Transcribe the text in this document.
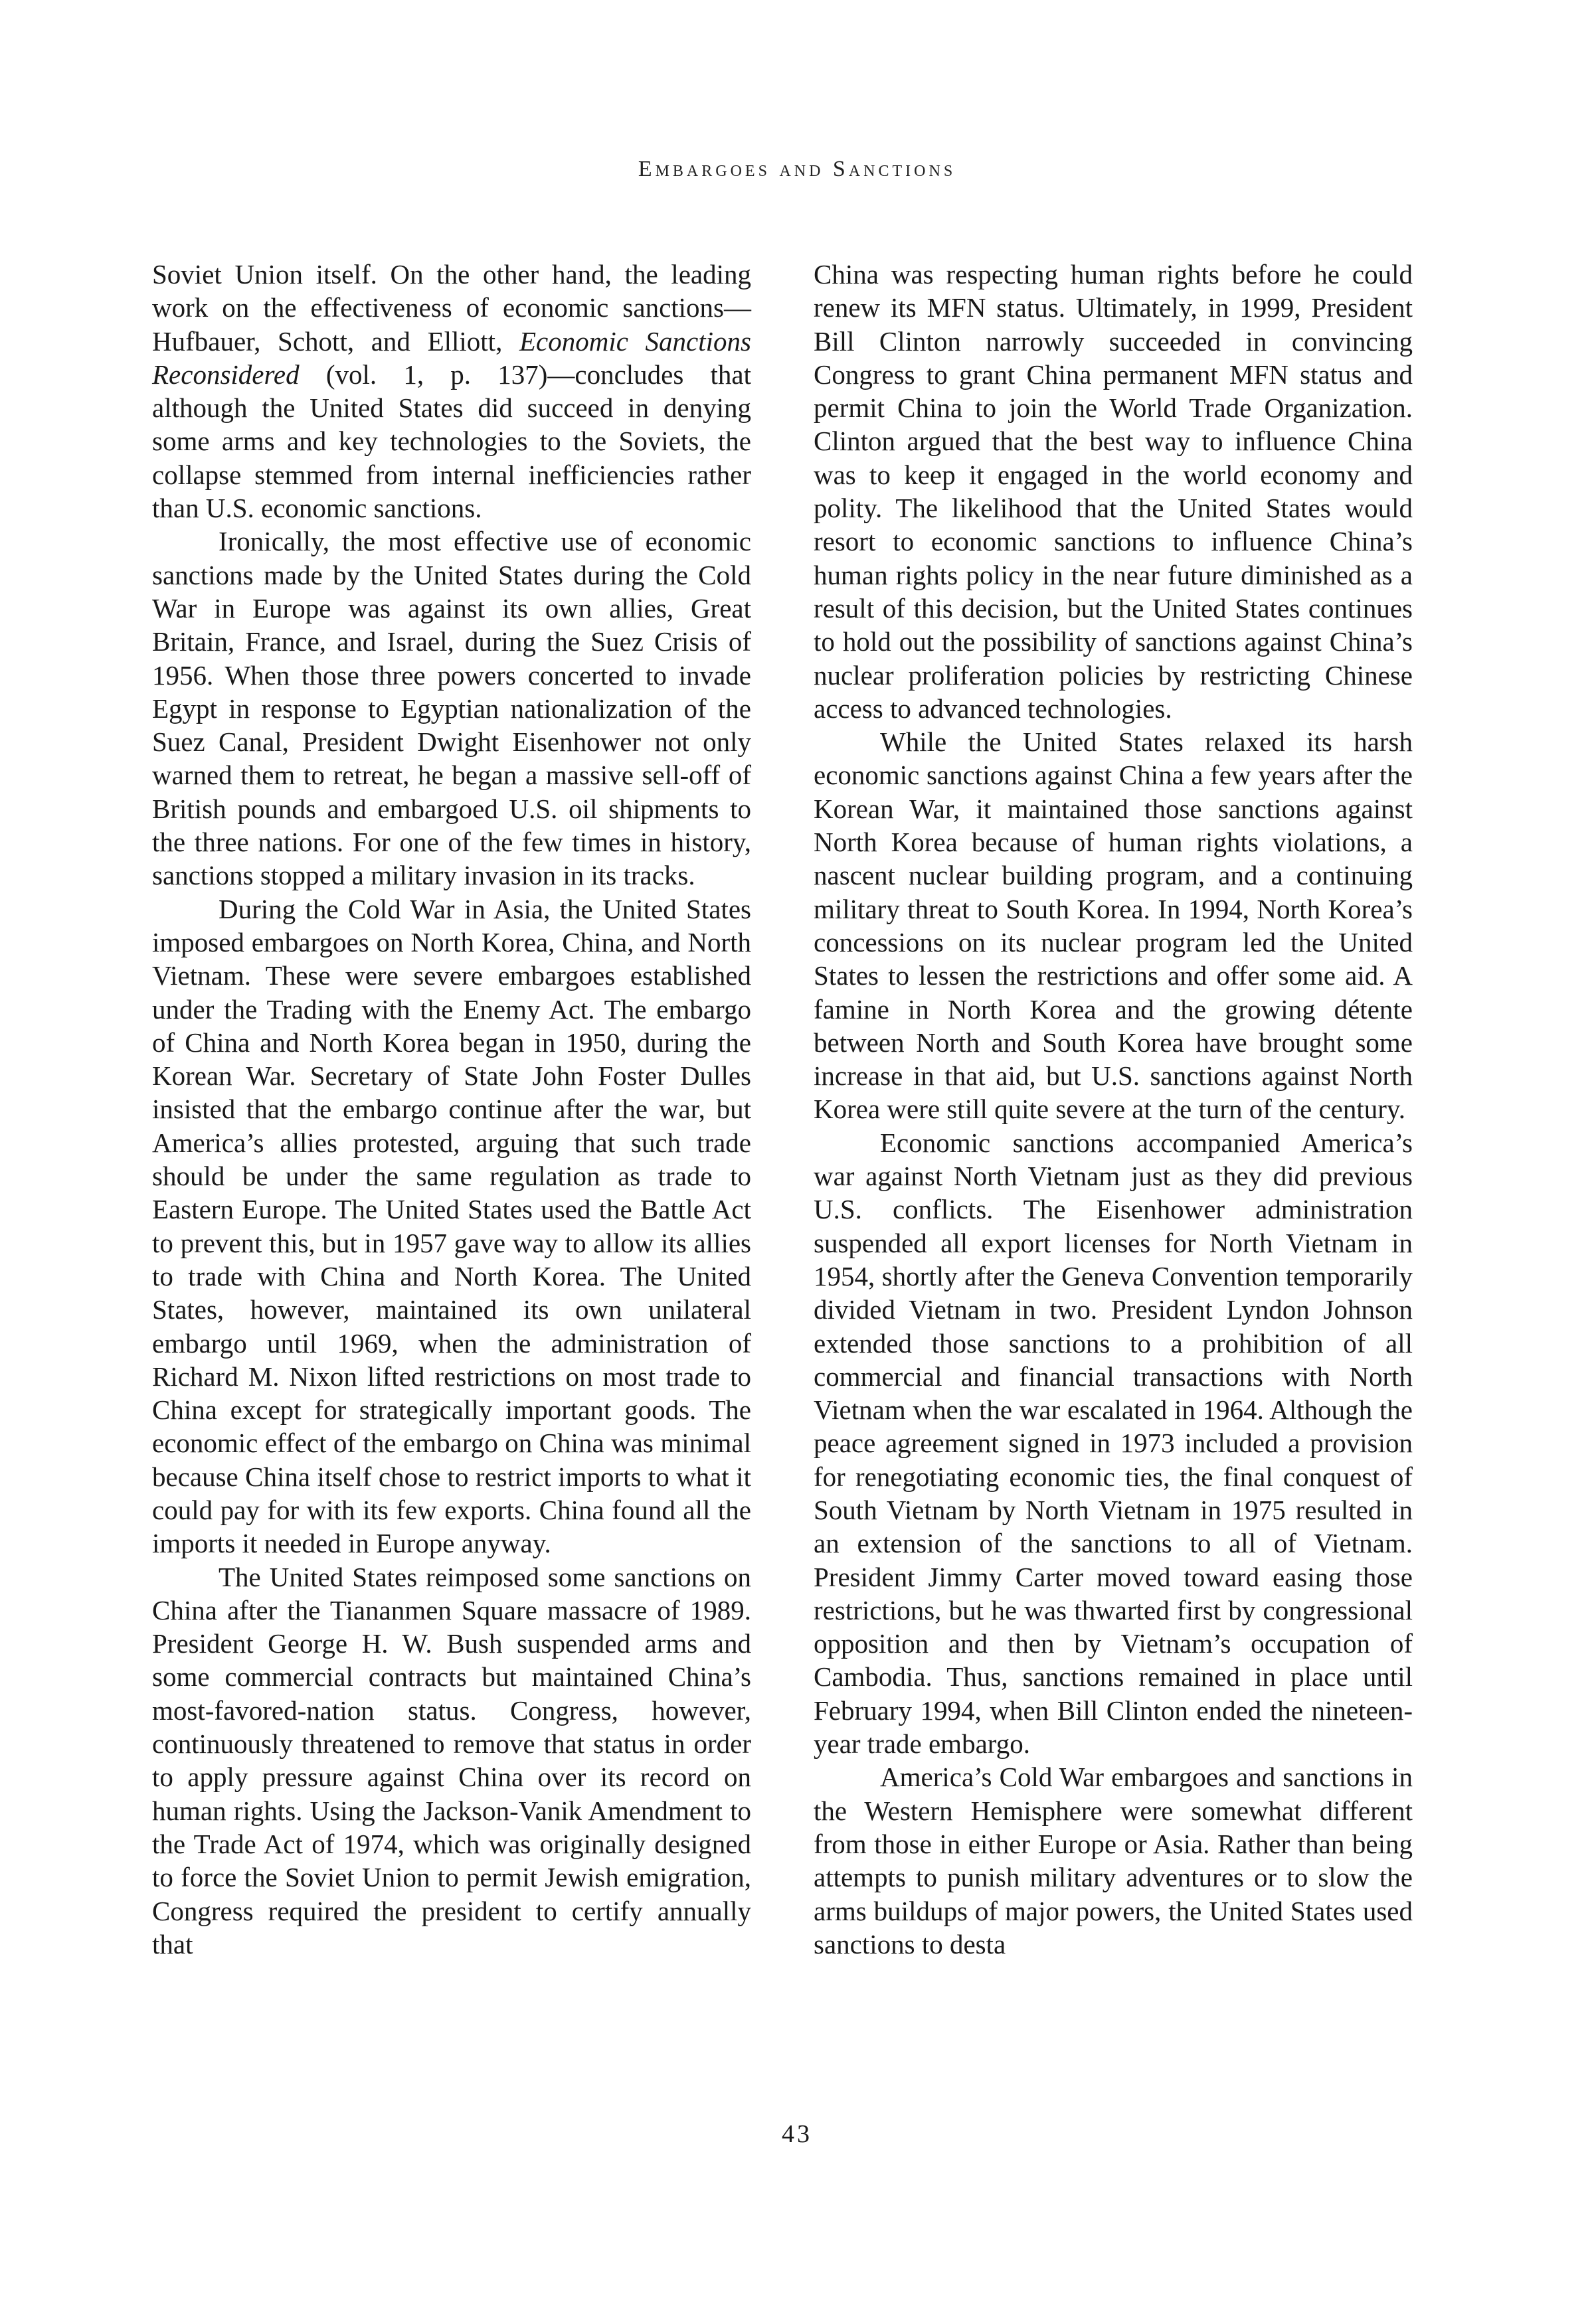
Embargoes and Sanctions

Soviet Union itself. On the other hand, the leading work on the effectiveness of economic sanctions—Hufbauer, Schott, and Elliott, Economic Sanctions Reconsidered (vol. 1, p. 137)—concludes that although the United States did succeed in denying some arms and key technologies to the Soviets, the collapse stemmed from internal inefficiencies rather than U.S. economic sanctions.

Ironically, the most effective use of economic sanctions made by the United States during the Cold War in Europe was against its own allies, Great Britain, France, and Israel, during the Suez Crisis of 1956. When those three powers concerted to invade Egypt in response to Egyptian nationalization of the Suez Canal, President Dwight Eisenhower not only warned them to retreat, he began a massive sell-off of British pounds and embargoed U.S. oil shipments to the three nations. For one of the few times in history, sanctions stopped a military invasion in its tracks.

During the Cold War in Asia, the United States imposed embargoes on North Korea, China, and North Vietnam. These were severe embargoes established under the Trading with the Enemy Act. The embargo of China and North Korea began in 1950, during the Korean War. Secretary of State John Foster Dulles insisted that the embargo continue after the war, but America’s allies protested, arguing that such trade should be under the same regulation as trade to Eastern Europe. The United States used the Battle Act to prevent this, but in 1957 gave way to allow its allies to trade with China and North Korea. The United States, however, maintained its own unilateral embargo until 1969, when the administration of Richard M. Nixon lifted restrictions on most trade to China except for strategically important goods. The economic effect of the embargo on China was minimal because China itself chose to restrict imports to what it could pay for with its few exports. China found all the imports it needed in Europe anyway.

The United States reimposed some sanctions on China after the Tiananmen Square massacre of 1989. President George H. W. Bush suspended arms and some commercial contracts but maintained China’s most-favored-nation status. Congress, however, continuously threatened to remove that status in order to apply pressure against China over its record on human rights. Using the Jackson-Vanik Amendment to the Trade Act of 1974, which was originally designed to force the Soviet Union to permit Jewish emigration, Congress required the president to certify annually that

China was respecting human rights before he could renew its MFN status. Ultimately, in 1999, President Bill Clinton narrowly succeeded in convincing Congress to grant China permanent MFN status and permit China to join the World Trade Organization. Clinton argued that the best way to influence China was to keep it engaged in the world economy and polity. The likelihood that the United States would resort to economic sanctions to influence China’s human rights policy in the near future diminished as a result of this decision, but the United States continues to hold out the possibility of sanctions against China’s nuclear proliferation policies by restricting Chinese access to advanced technologies.

While the United States relaxed its harsh economic sanctions against China a few years after the Korean War, it maintained those sanctions against North Korea because of human rights violations, a nascent nuclear building program, and a continuing military threat to South Korea. In 1994, North Korea’s concessions on its nuclear program led the United States to lessen the restrictions and offer some aid. A famine in North Korea and the growing détente between North and South Korea have brought some increase in that aid, but U.S. sanctions against North Korea were still quite severe at the turn of the century.

Economic sanctions accompanied America’s war against North Vietnam just as they did previous U.S. conflicts. The Eisenhower administration suspended all export licenses for North Vietnam in 1954, shortly after the Geneva Convention temporarily divided Vietnam in two. President Lyndon Johnson extended those sanctions to a prohibition of all commercial and financial transactions with North Vietnam when the war escalated in 1964. Although the peace agreement signed in 1973 included a provision for renegotiating economic ties, the final conquest of South Vietnam by North Vietnam in 1975 resulted in an extension of the sanctions to all of Vietnam. President Jimmy Carter moved toward easing those restrictions, but he was thwarted first by congressional opposition and then by Vietnam’s occupation of Cambodia. Thus, sanctions remained in place until February 1994, when Bill Clinton ended the nineteen-year trade embargo.

America’s Cold War embargoes and sanctions in the Western Hemisphere were somewhat different from those in either Europe or Asia. Rather than being attempts to punish military adventures or to slow the arms buildups of major powers, the United States used sanctions to desta

43
